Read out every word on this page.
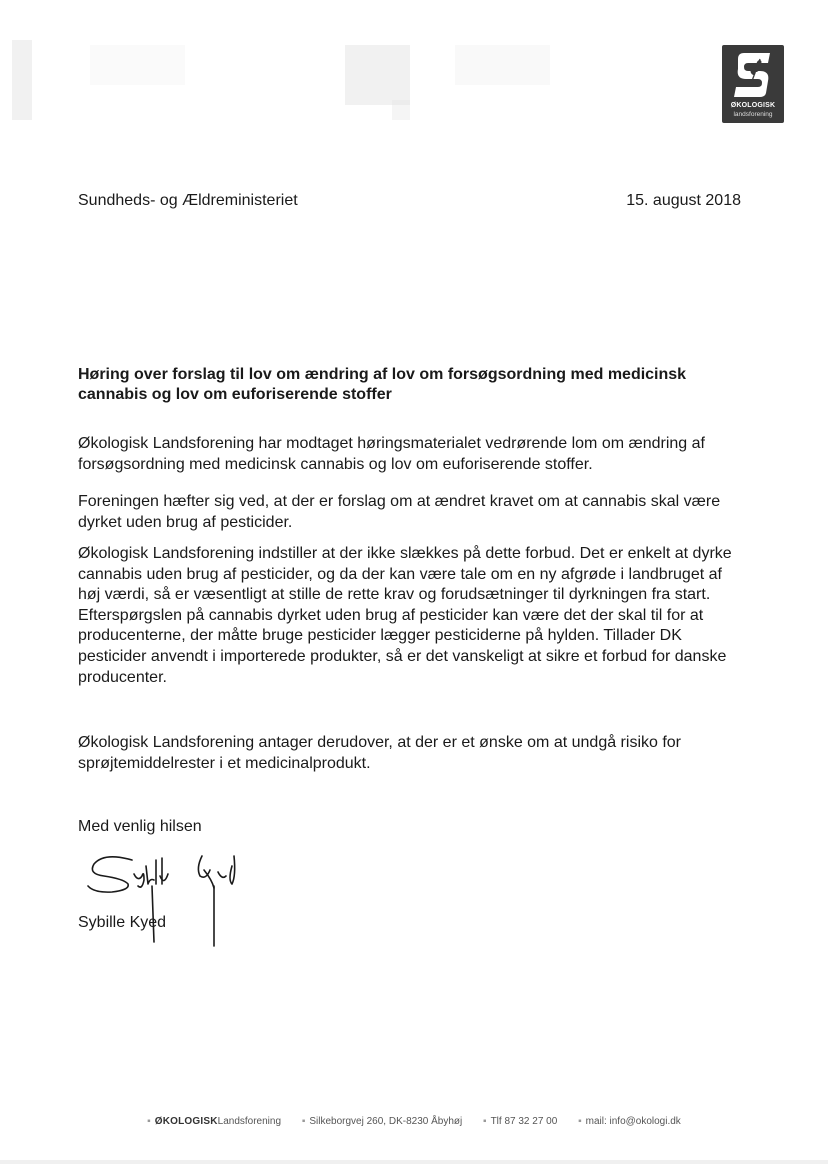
ØKOLOGISK
landsforening
Sundheds- og Ældreministeriet	15. august 2018
Høring over forslag til lov om ændring af lov om forsøgsordning med medicinsk cannabis og lov om euforiserende stoffer
Økologisk Landsforening har modtaget høringsmaterialet vedrørende lom om ændring af forsøgsordning med medicinsk cannabis og lov om euforiserende stoffer.
Foreningen hæfter sig ved, at der er forslag om at ændret kravet om at cannabis skal være dyrket uden brug af pesticider.
Økologisk Landsforening indstiller at der ikke slækkes på dette forbud. Det er enkelt at dyrke cannabis uden brug af pesticider, og da der kan være tale om en ny afgrøde i landbruget af høj værdi, så er væsentligt at stille de rette krav og forudsætninger til dyrkningen fra start. Efterspørgslen på cannabis dyrket uden brug af pesticider kan være det der skal til for at producenterne, der måtte bruge pesticider lægger pesticiderne på hylden. Tillader DK pesticider anvendt i importerede produkter, så er det vanskeligt at sikre et forbud for danske producenter.
Økologisk Landsforening antager derudover, at der er et ønske om at undgå risiko for sprøjtemiddelrester i et medicinalprodukt.
Med venlig hilsen
Sybille Kyed
▪ ØKOLOGISKLandsforening ▪ Silkeborgvej 260, DK-8230 Åbyhøj ▪ Tlf 87 32 27 00 ▪ mail: info@okologi.dk
